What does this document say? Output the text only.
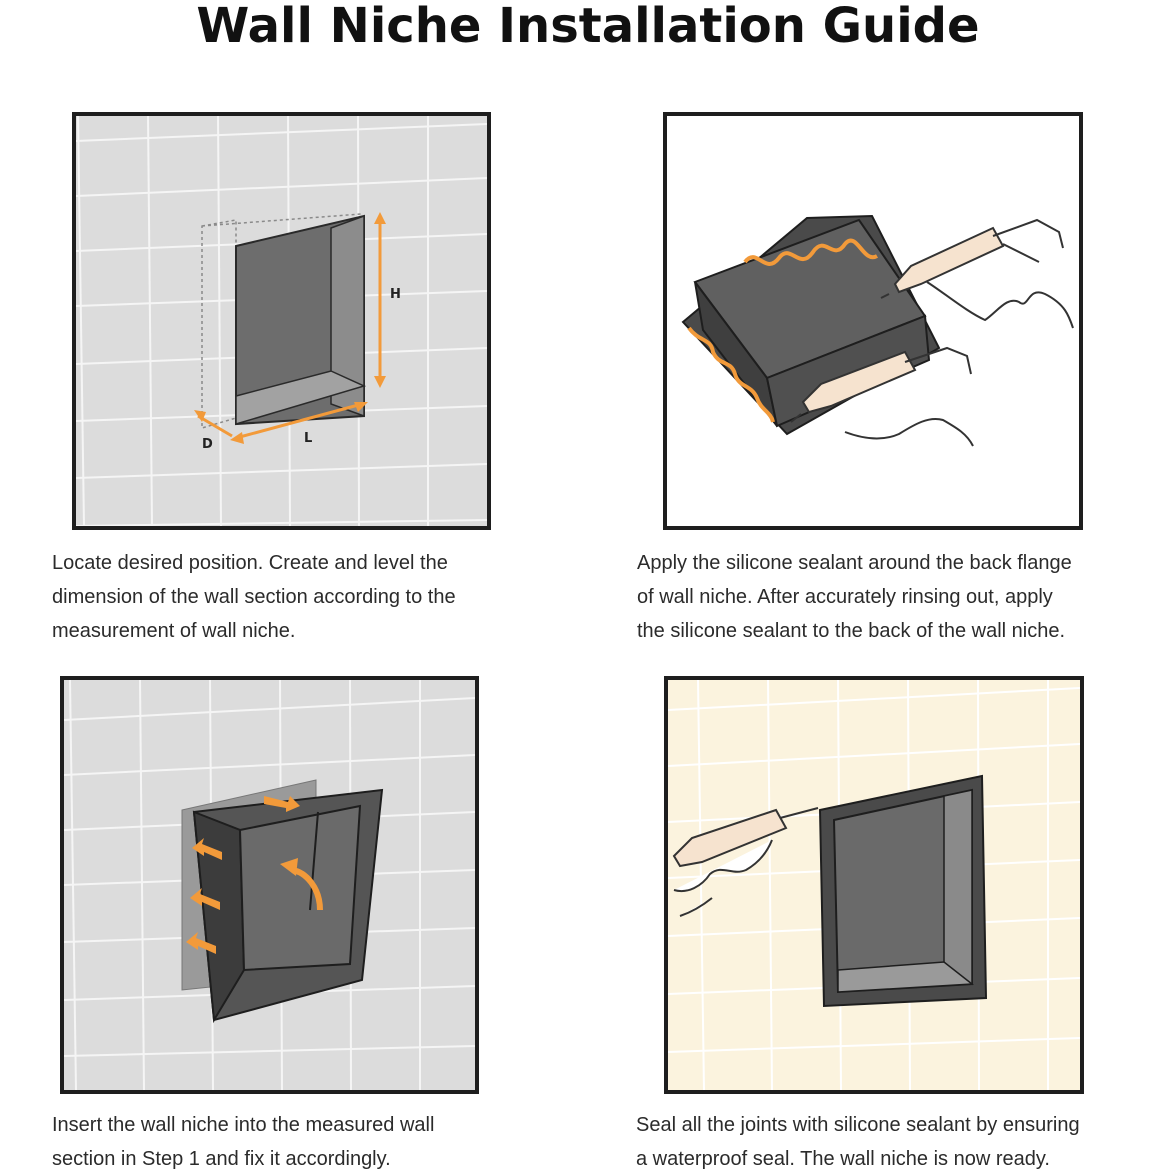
Wall Niche Installation Guide
H
L
D

Locate desired position. Create and level the
dimension of the wall section according to the
measurement of wall niche.

Apply the silicone sealant around the back flange
of wall niche. After accurately rinsing out, apply
the silicone sealant to the back of the wall niche.

Insert the wall niche into the measured wall
section in Step 1 and fix it accordingly.

Seal all the joints with silicone sealant by ensuring
a waterproof seal. The wall niche is now ready.
